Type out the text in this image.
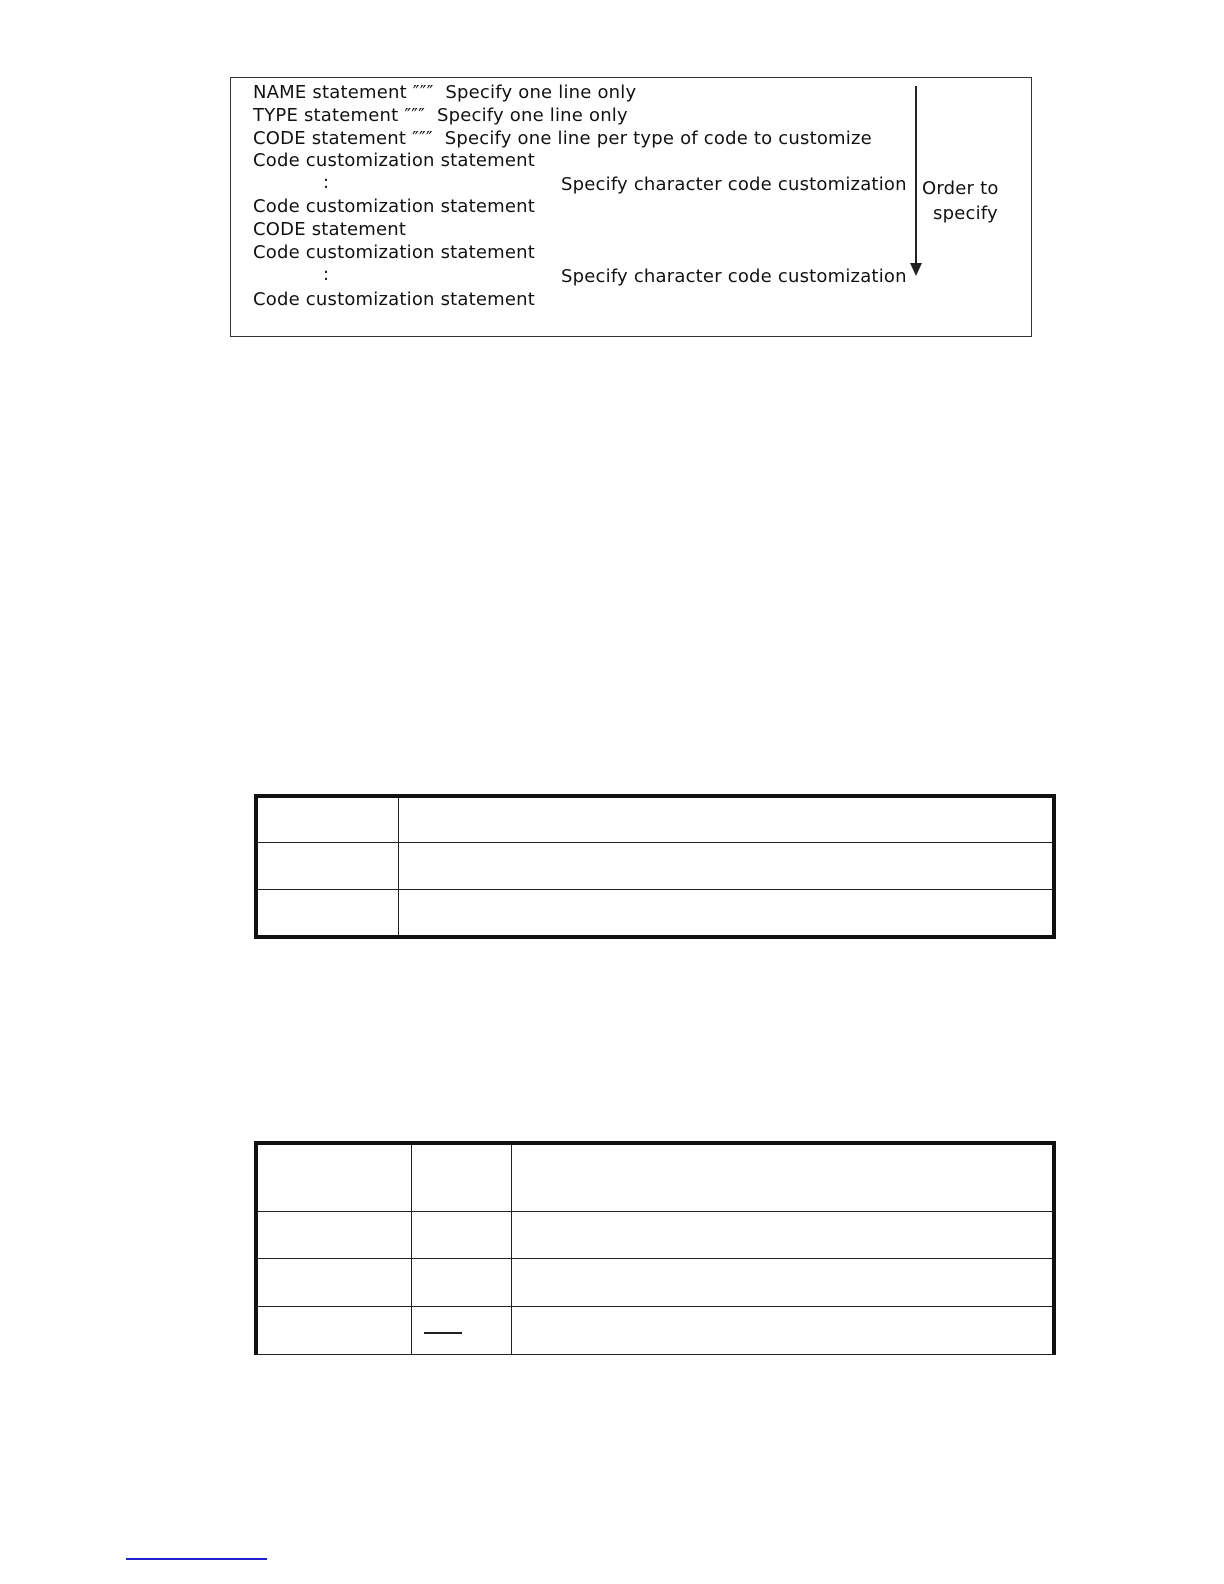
NAME statement ″″″  Specify one line only
TYPE statement ″″″  Specify one line only
CODE statement ″″″  Specify one line per type of code to customize
Code customization statement
:	Specify character code customization
Code customization statement
CODE statement
Code customization statement
:	Specify character code customization
Code customization statement
Order to
specify
